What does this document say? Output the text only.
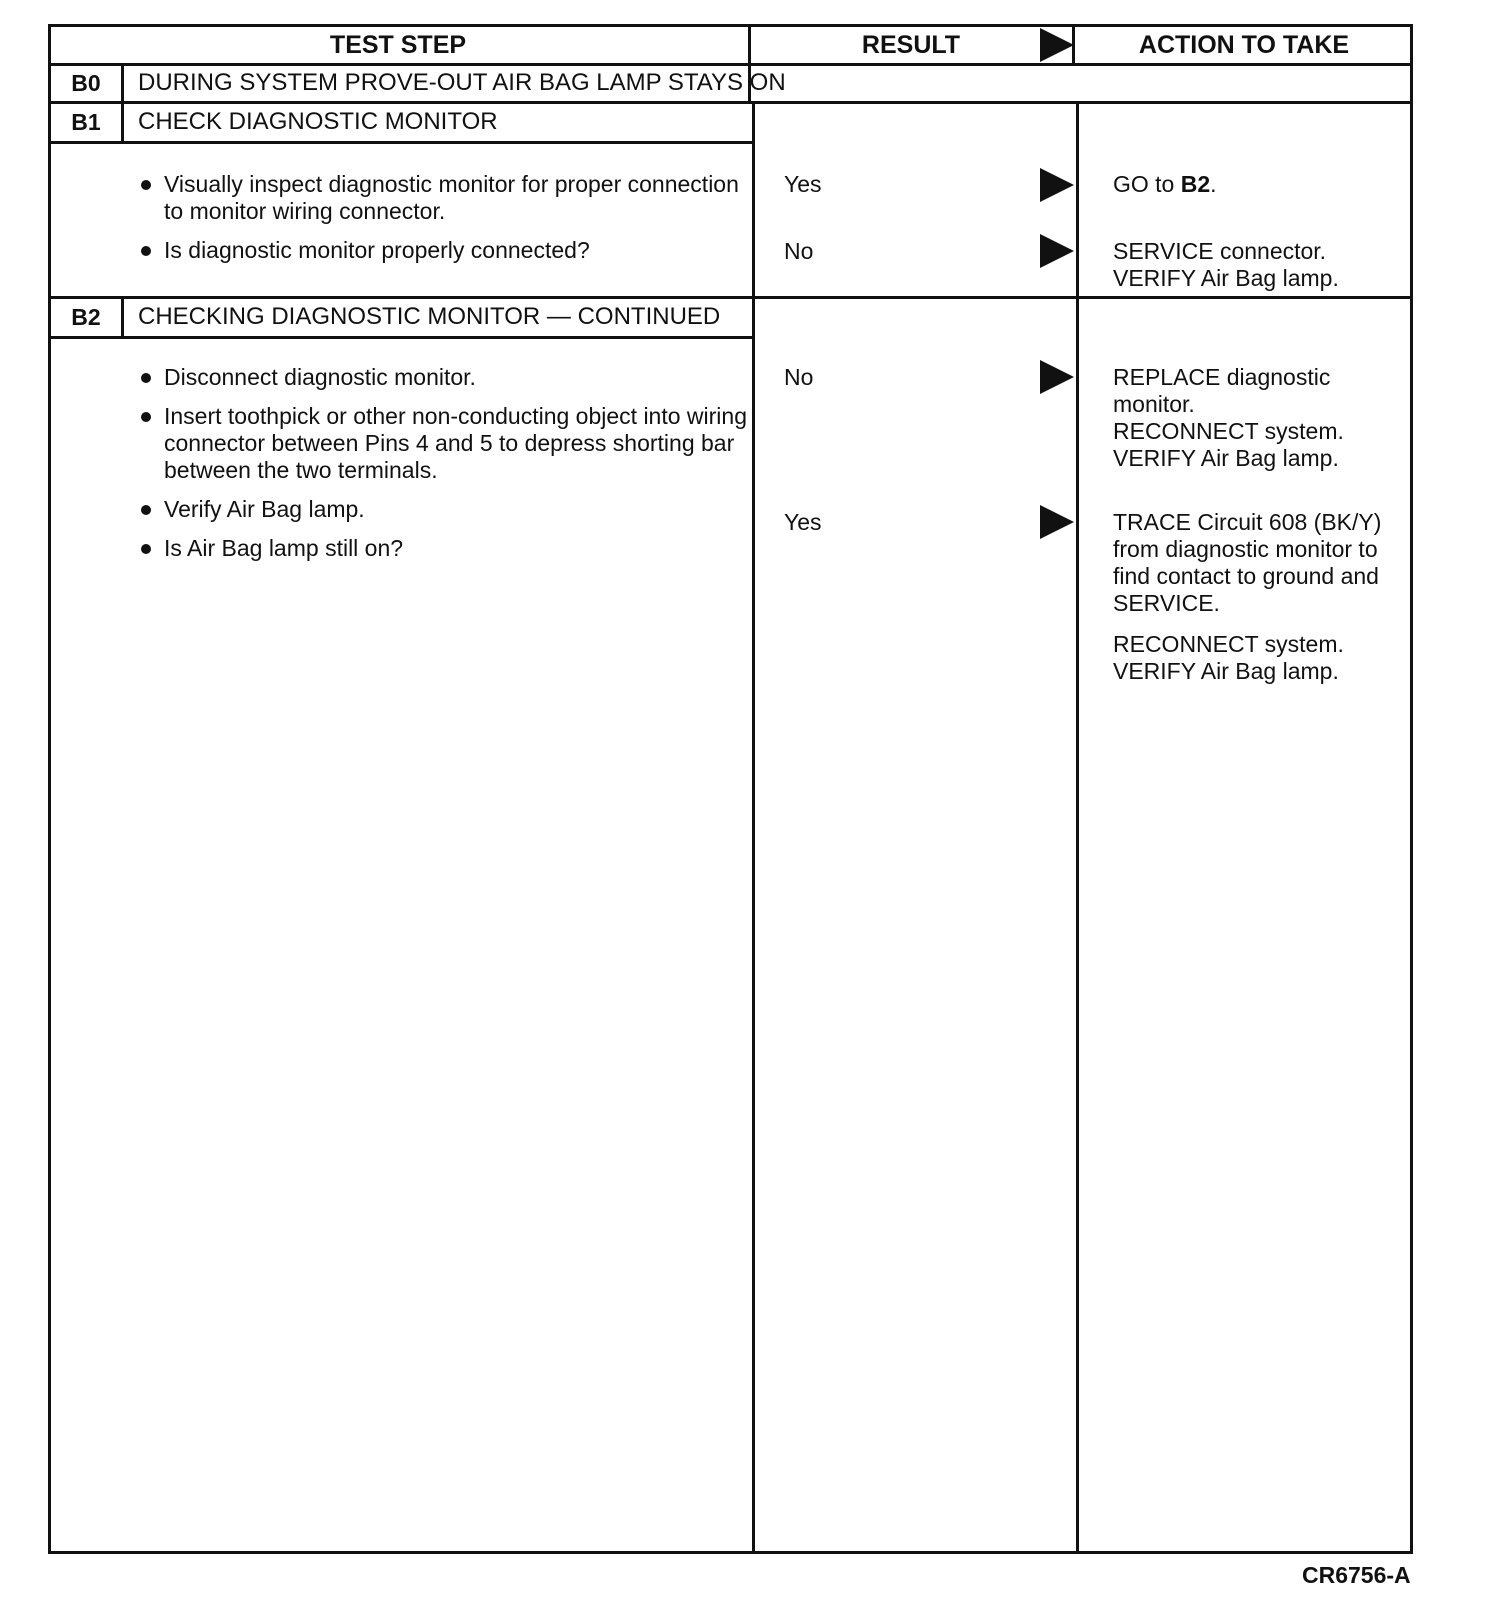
TEST STEP	RESULT	ACTION TO TAKE
B0	DURING SYSTEM PROVE-OUT AIR BAG LAMP STAYS ON
B1	CHECK DIAGNOSTIC MONITOR
Visually inspect diagnostic monitor for proper connection to monitor wiring connector.
Is diagnostic monitor properly connected?
Yes	GO to B2.
No	SERVICE connector.
VERIFY Air Bag lamp.
B2	CHECKING DIAGNOSTIC MONITOR — CONTINUED
Disconnect diagnostic monitor.
Insert toothpick or other non-conducting object into wiring connector between Pins 4 and 5 to depress shorting bar between the two terminals.
Verify Air Bag lamp.
Is Air Bag lamp still on?
No	REPLACE diagnostic monitor.
RECONNECT system.
VERIFY Air Bag lamp.
Yes	TRACE Circuit 608 (BK/Y) from diagnostic monitor to find contact to ground and SERVICE.

RECONNECT system. VERIFY Air Bag lamp.

CR6756-A
